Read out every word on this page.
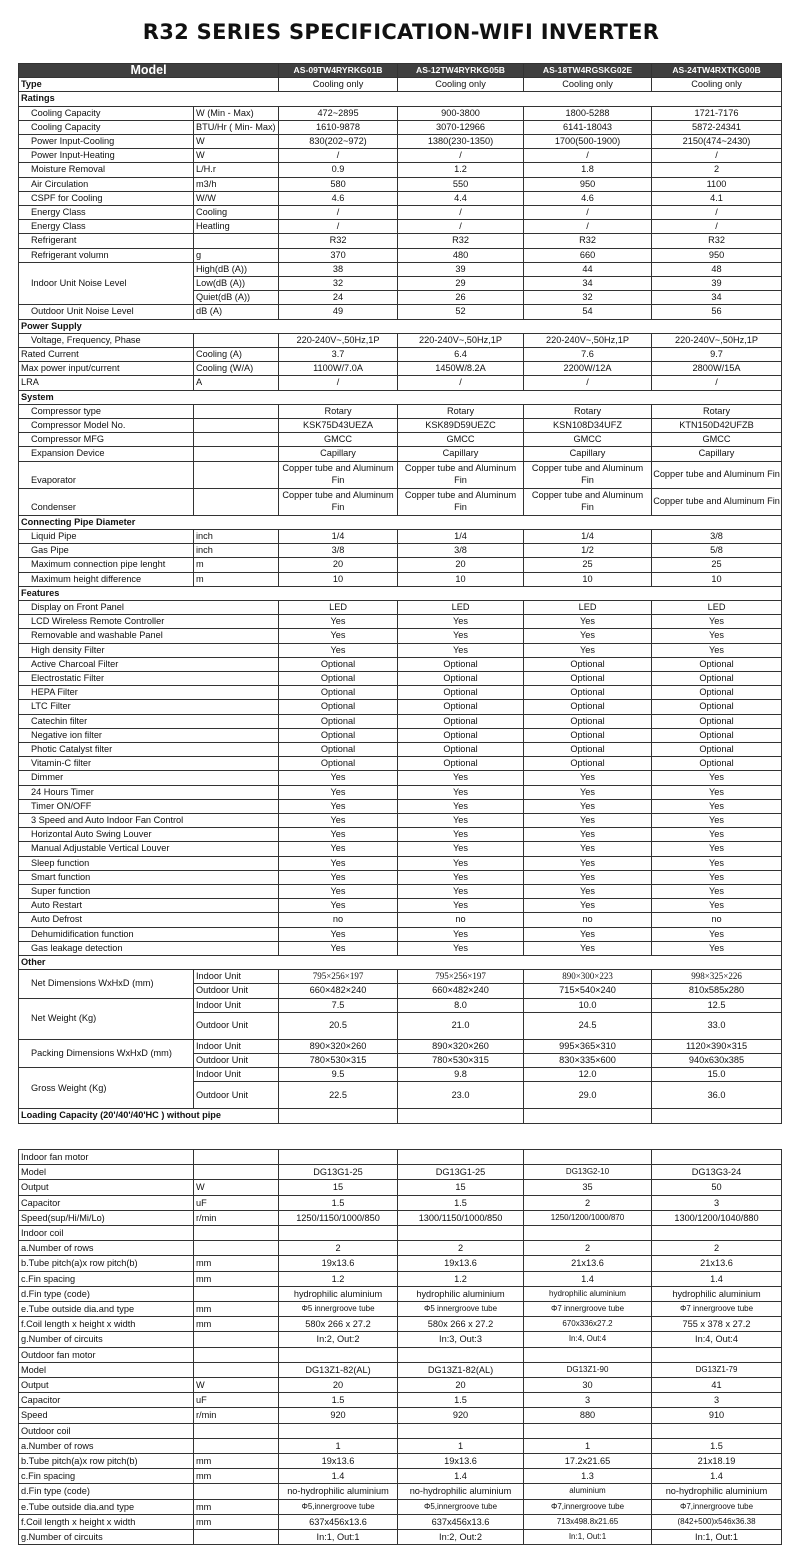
R32 SERIES SPECIFICATION-WIFI INVERTER
Model		AS-09TW4RYRKG01B	AS-12TW4RYRKG05B	AS-18TW4RGSKG02E	AS-24TW4RXTKG00B
Type		Cooling only	Cooling only	Cooling only	Cooling only
Ratings					
Cooling Capacity	W (Min - Max)	472~2895	900-3800	1800-5288	1721-7176
Cooling Capacity	BTU/Hr ( Min- Max)	1610-9878	3070-12966	6141-18043	5872-24341
Power Input-Cooling	W	830(202~972)	1380(230-1350)	1700(500-1900)	2150(474~2430)
Power Input-Heating	W	/	/	/	/
Moisture Removal	L/H.r	0.9	1.2	1.8	2
Air Circulation	m3/h	580	550	950	1100
CSPF for Cooling	W/W	4.6	4.4	4.6	4.1
Energy Class	Cooling	/	/	/	/
Energy Class	Heatling	/	/	/	/
Refrigerant		R32	R32	R32	R32
Refrigerant volumn	g	370	480	660	950
Indoor Unit Noise Level	High(dB (A))	38	39	44	48
	Low(dB (A))	32	29	34	39
	Quiet(dB (A))	24	26	32	34
Outdoor Unit Noise Level	dB (A)	49	52	54	56
Power Supply					
Voltage, Frequency, Phase		220-240V~,50Hz,1P	220-240V~,50Hz,1P	220-240V~,50Hz,1P	220-240V~,50Hz,1P
Rated Current	Cooling (A)	3.7	6.4	7.6	9.7
Max power input/current	Cooling (W/A)	1100W/7.0A	1450W/8.2A	2200W/12A	2800W/15A
LRA	A	/	/	/	/
System					
Compressor type		Rotary	Rotary	Rotary	Rotary
Compressor Model No.		KSK75D43UEZA	KSK89D59UEZC	KSN108D34UFZ	KTN150D42UFZB
Compressor MFG		GMCC	GMCC	GMCC	GMCC
Expansion Device		Capillary	Capillary	Capillary	Capillary
Evaporator		Copper tube and Aluminum Fin	Copper tube and Aluminum Fin	Copper tube and Aluminum Fin	Copper tube and Aluminum Fin
Condenser		Copper tube and Aluminum Fin	Copper tube and Aluminum Fin	Copper tube and Aluminum Fin	Copper tube and Aluminum Fin
Connecting Pipe Diameter					
Liquid Pipe	inch	1/4	1/4	1/4	3/8
Gas Pipe	inch	3/8	3/8	1/2	5/8
Maximum connection pipe lenght	m	20	20	25	25
Maximum height difference	m	10	10	10	10
Features					
Display on Front Panel		LED	LED	LED	LED
LCD Wireless Remote Controller		Yes	Yes	Yes	Yes
Removable and washable Panel		Yes	Yes	Yes	Yes
High density Filter		Yes	Yes	Yes	Yes
Active Charcoal Filter		Optional	Optional	Optional	Optional
Electrostatic Filter		Optional	Optional	Optional	Optional
HEPA Filter		Optional	Optional	Optional	Optional
LTC Filter		Optional	Optional	Optional	Optional
Catechin filter		Optional	Optional	Optional	Optional
Negative ion filter		Optional	Optional	Optional	Optional
Photic Catalyst filter		Optional	Optional	Optional	Optional
Vitamin-C filter		Optional	Optional	Optional	Optional
Dimmer		Yes	Yes	Yes	Yes
24 Hours Timer		Yes	Yes	Yes	Yes
Timer ON/OFF		Yes	Yes	Yes	Yes
3 Speed and Auto Indoor Fan Control		Yes	Yes	Yes	Yes
Horizontal Auto Swing Louver		Yes	Yes	Yes	Yes
Manual Adjustable Vertical Louver		Yes	Yes	Yes	Yes
Sleep function		Yes	Yes	Yes	Yes
Smart function		Yes	Yes	Yes	Yes
Super function		Yes	Yes	Yes	Yes
Auto Restart		Yes	Yes	Yes	Yes
Auto Defrost		no	no	no	no
Dehumidification function		Yes	Yes	Yes	Yes
Gas leakage detection		Yes	Yes	Yes	Yes
Other					
Net Dimensions WxHxD (mm)	Indoor Unit	795×256×197	795×256×197	890×300×223	998×325×226
	Outdoor Unit	660×482×240	660×482×240	715×540×240	810x585x280
Net Weight (Kg)	Indoor Unit	7.5	8.0	10.0	12.5
	Outdoor Unit	20.5	21.0	24.5	33.0
Packing Dimensions WxHxD (mm)	Indoor Unit	890×320×260	890×320×260	995×365×310	1120×390×315
	Outdoor Unit	780×530×315	780×530×315	830×335×600	940x630x385
Gross Weight (Kg)	Indoor Unit	9.5	9.8	12.0	15.0
	Outdoor Unit	22.5	23.0	29.0	36.0
Loading Capacity (20'/40'/40'HC ) without pipe					
Indoor fan motor					
Model		DG13G1-25	DG13G1-25	DG13G2-10	DG13G3-24
Output	W	15	15	35	50
Capacitor	uF	1.5	1.5	2	3
Speed(sup/Hi/Mi/Lo)	r/min	1250/1150/1000/850	1300/1150/1000/850	1250/1200/1000/870	1300/1200/1040/880
Indoor coil					
a.Number of rows		2	2	2	2
b.Tube pitch(a)x row pitch(b)	mm	19x13.6	19x13.6	21x13.6	21x13.6
c.Fin spacing	mm	1.2	1.2	1.4	1.4
d.Fin type (code)		hydrophilic aluminium	hydrophilic aluminium	hydrophilic aluminium	hydrophilic aluminium
e.Tube outside dia.and type	mm	Φ5 innergroove tube	Φ5 innergroove tube	Φ7 innergroove tube	Φ7 innergroove tube
f.Coil length x height x width	mm	580x 266 x 27.2	580x 266 x 27.2	670x336x27.2	755 x 378 x 27.2
g.Number of circuits		In:2, Out:2	In:3, Out:3	In:4, Out:4	In:4, Out:4
Outdoor fan motor					
Model		DG13Z1-82(AL)	DG13Z1-82(AL)	DG13Z1-90	DG13Z1-79
Output	W	20	20	30	41
Capacitor	uF	1.5	1.5	3	3
Speed	r/min	920	920	880	910
Outdoor coil					
a.Number of rows		1	1	1	1.5
b.Tube pitch(a)x row pitch(b)	mm	19x13.6	19x13.6	17.2x21.65	21x18.19
c.Fin spacing	mm	1.4	1.4	1.3	1.4
d.Fin type (code)		no-hydrophilic aluminium	no-hydrophilic aluminium	aluminium	no-hydrophilic aluminium
e.Tube outside dia.and type	mm	Φ5,innergroove tube	Φ5,innergroove tube	Φ7,innergroove tube	Φ7,innergroove tube
f.Coil length x height x width	mm	637x456x13.6	637x456x13.6	713x498.8x21.65	(842+500)x546x36.38
g.Number of circuits		In:1, Out:1	In:2, Out:2	In:1, Out:1	In:1, Out:1
